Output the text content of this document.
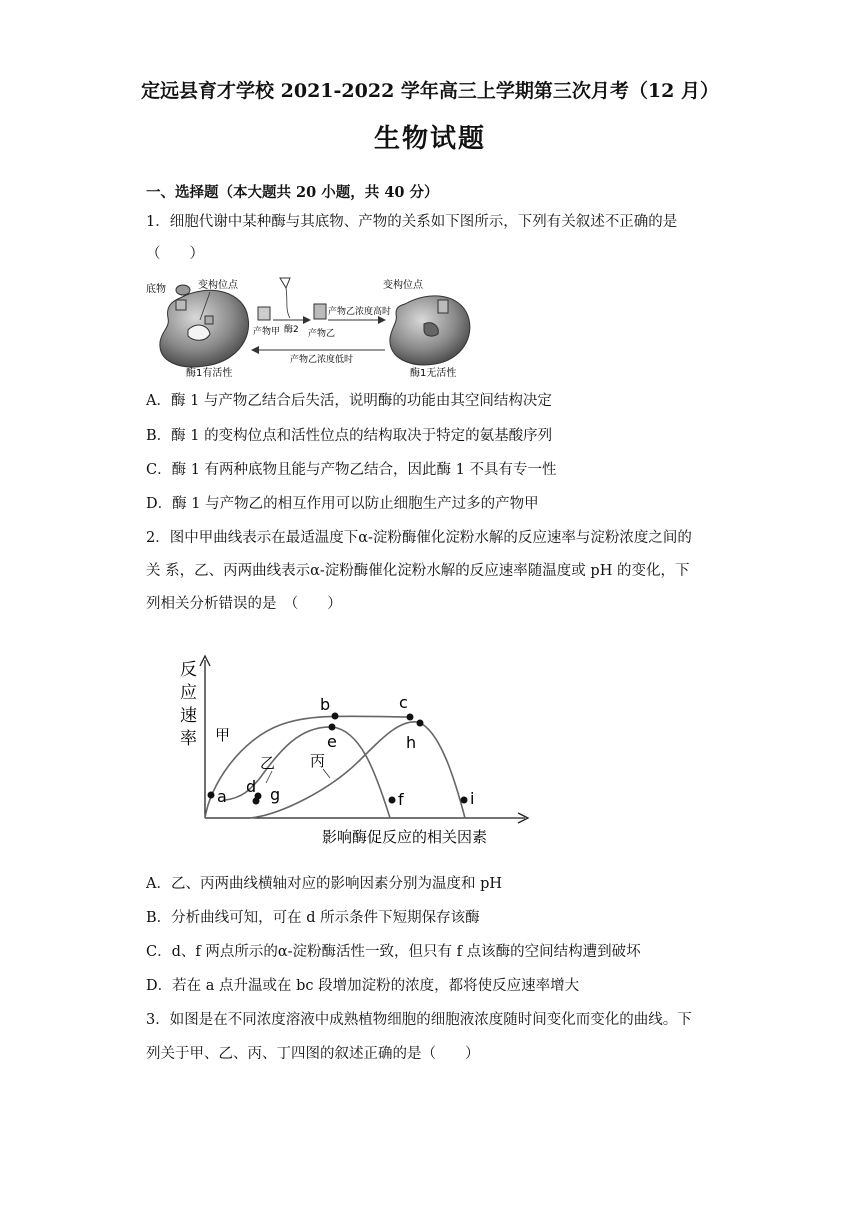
定远县育才学校 2021-2022 学年高三上学期第三次月考（12 月）
生物试题
一、选择题（本大题共 20 小题，共 40 分）
1．细胞代谢中某种酶与其底物、产物的关系如下图所示，下列有关叙述不正确的是
（　　）
底物	变构位点
酶1有活性
产物甲 酶2 产物乙
产物乙浓度高时
变构位点
酶1无活性
产物乙浓度低时
A．酶 1 与产物乙结合后失活，说明酶的功能由其空间结构决定
B．酶 1 的变构位点和活性位点的结构取决于特定的氨基酸序列
C．酶 1 有两种底物且能与产物乙结合，因此酶 1 不具有专一性
D．酶 1 与产物乙的相互作用可以防止细胞生产过多的产物甲
2．图中甲曲线表示在最适温度下α-淀粉酶催化淀粉水解的反应速率与淀粉浓度之间的
关 系，乙、丙两曲线表示α-淀粉酶催化淀粉水解的反应速率随温度或 pH 的变化，下
列相关分析错误的是　（　　）
反
应
速
率
影响酶促反应的相关因素
甲
乙 丙
a
b	c
d
e
f
g
h
i
A．乙、丙两曲线横轴对应的影响因素分别为温度和 pH
B．分析曲线可知，可在 d 所示条件下短期保存该酶
C．d、f 两点所示的α-淀粉酶活性一致，但只有 f 点该酶的空间结构遭到破坏
D．若在 a 点升温或在 bc 段增加淀粉的浓度，都将使反应速率增大
3．如图是在不同浓度溶液中成熟植物细胞的细胞液浓度随时间变化而变化的曲线。下
列关于甲、乙、丙、丁四图的叙述正确的是（　　）
